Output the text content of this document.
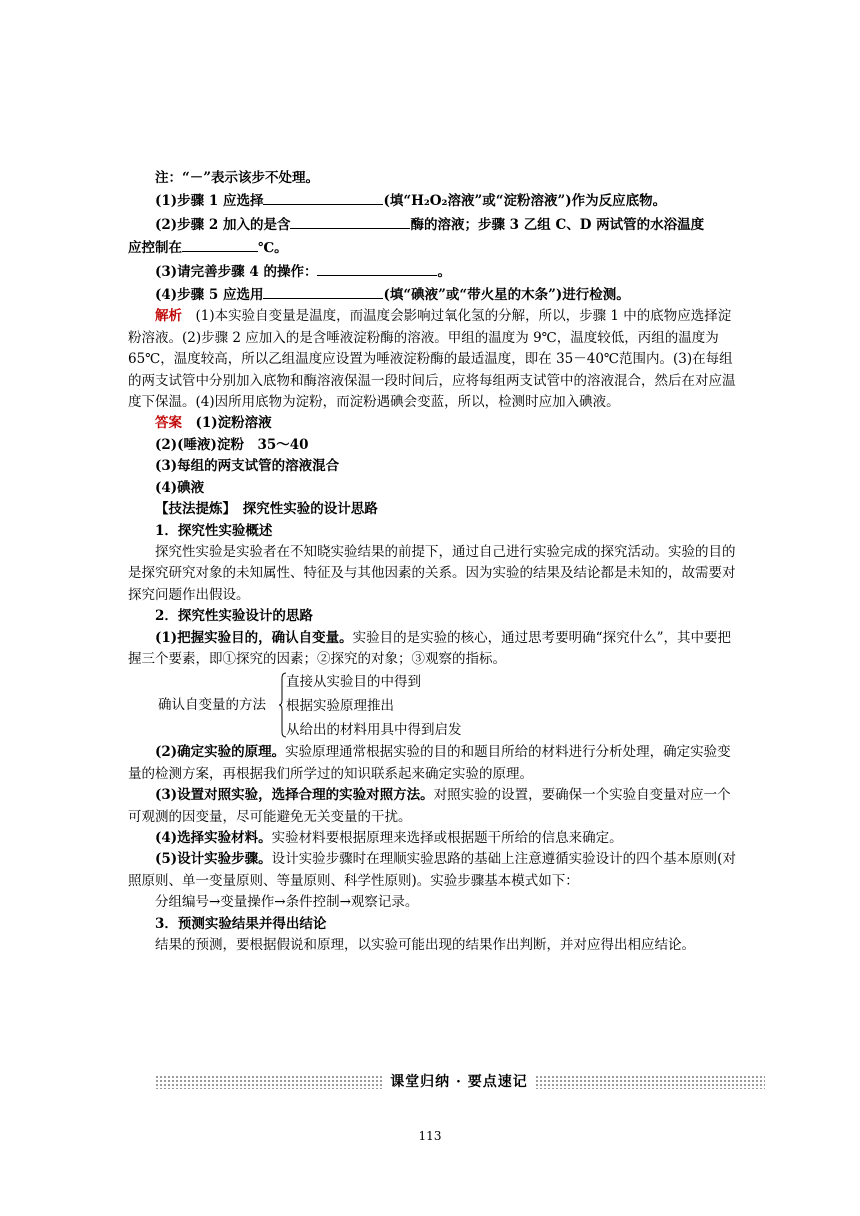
注：“－”表示该步不处理。

(1)步骤 1 应选择	(填“H₂O₂溶液”或“淀粉溶液”)作为反应底物。

(2)步骤 2 加入的是含	酶的溶液；步骤 3 乙组 C、D 两试管的水浴温度

应控制在	℃。

(3)请完善步骤 4 的操作：	。

(4)步骤 5 应选用	(填“碘液”或“带火星的木条”)进行检测。

解析　 (1)本实验自变量是温度，而温度会影响过氧化氢的分解，所以，步骤 1 中的底物应选择淀粉溶液。(2)步骤 2 应加入的是含唾液淀粉酶的溶液。甲组的温度为 9℃，温度较低，丙组的温度为 65℃，温度较高，所以乙组温度应设置为唾液淀粉酶的最适温度，即在 35－40℃范围内。(3)在每组的两支试管中分别加入底物和酶溶液保温一段时间后，应将每组两支试管中的溶液混合，然后在对应温度下保温。(4)因所用底物为淀粉，而淀粉遇碘会变蓝，所以，检测时应加入碘液。

答案　 (1)淀粉溶液

(2)(唾液)淀粉　35～40

(3)每组的两支试管的溶液混合

(4)碘液

【技法提炼】　探究性实验的设计思路

1．探究性实验概述

探究性实验是实验者在不知晓实验结果的前提下，通过自己进行实验完成的探究活动。实验的目的是探究研究对象的未知属性、特征及与其他因素的关系。因为实验的结果及结论都是未知的，故需要对探究问题作出假设。

2．探究性实验设计的思路

(1)把握实验目的，确认自变量。实验目的是实验的核心，通过思考要明确“探究什么”，其中要把握三个要素，即①探究的因素；②探究的对象；③观察的指标。

确认自变量的方法
直接从实验目的中得到
根据实验原理推出
从给出的材料用具中得到启发

(2)确定实验的原理。实验原理通常根据实验的目的和题目所给的材料进行分析处理，确定实验变量的检测方案，再根据我们所学过的知识联系起来确定实验的原理。

(3)设置对照实验，选择合理的实验对照方法。对照实验的设置，要确保一个实验自变量对应一个可观测的因变量，尽可能避免无关变量的干扰。

(4)选择实验材料。实验材料要根据原理来选择或根据题干所给的信息来确定。

(5)设计实验步骤。设计实验步骤时在理顺实验思路的基础上注意遵循实验设计的四个基本原则(对照原则、单一变量原则、等量原则、科学性原则)。实验步骤基本模式如下：

分组编号→变量操作→条件控制→观察记录。

3．预测实验结果并得出结论

结果的预测，要根据假说和原理，以实验可能出现的结果作出判断，并对应得出相应结论。

课堂归纳 · 要点速记
113
